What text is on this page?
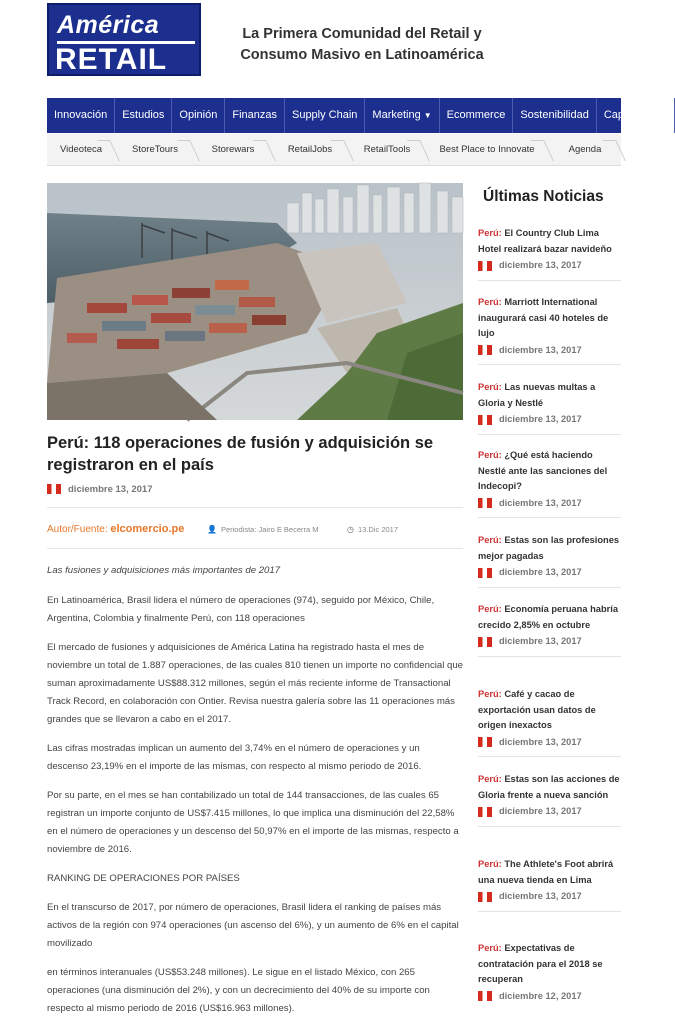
América
RETAIL
La Primera Comunidad del Retail y
Consumo Masivo en Latinoamérica
Innovación	Estudios	Opinión	Finanzas	Supply Chain	Marketing ▼	Ecommerce	Sostenibilidad	Capacitación
Videoteca	StoreTours	Storewars	RetailJobs	RetailTools	Best Place to Innovate	Agenda
Perú: 118 operaciones de fusión y adquisición se registraron en el país
diciembre 13, 2017
Autor/Fuente: elcomercio.pe	👤 Periodista: Jairo E Becerra M	◷ 13.Dic 2017

Las fusiones y adquisiciones más importantes de 2017

En Latinoamérica, Brasil lidera el número de operaciones (974), seguido por México, Chile, Argentina, Colombia y finalmente Perú, con 118 operaciones

El mercado de fusiones y adquisiciones de América Latina ha registrado hasta el mes de noviembre un total de 1.887 operaciones, de las cuales 810 tienen un importe no confidencial que suman aproximadamente US$88.312 millones, según el más reciente informe de Transactional Track Record, en colaboración con Ontier. Revisa nuestra galería sobre las 11 operaciones más grandes que se llevaron a cabo en el 2017.

Las cifras mostradas implican un aumento del 3,74% en el número de operaciones y un descenso 23,19% en el importe de las mismas, con respecto al mismo periodo de 2016.

Por su parte, en el mes se han contabilizado un total de 144 transacciones, de las cuales 65 registran un importe conjunto de US$7.415 millones, lo que implica una disminución del 22,58% en el número de operaciones y un descenso del 50,97% en el importe de las mismas, respecto a noviembre de 2016.

RANKING DE OPERACIONES POR PAÍSES

En el transcurso de 2017, por número de operaciones, Brasil lidera el ranking de países más activos de la región con 974 operaciones (un ascenso del 6%), y un aumento de 6% en el capital movilizado

en términos interanuales (US$53.248 millones). Le sigue en el listado México, con 265 operaciones (una disminución del 2%), y con un decrecimiento del 40% de su importe con respecto al mismo periodo de 2016 (US$16.963 millones).

Últimas Noticias
Perú: El Country Club Lima Hotel realizará bazar navideño
diciembre 13, 2017
Perú: Marriott International inaugurará casi 40 hoteles de lujo
diciembre 13, 2017
Perú: Las nuevas multas a Gloria y Nestlé
diciembre 13, 2017
Perú: ¿Qué está haciendo Nestlé ante las sanciones del Indecopi?
diciembre 13, 2017
Perú: Estas son las profesiones mejor pagadas
diciembre 13, 2017
Perú: Economía peruana habría crecido 2,85% en octubre
diciembre 13, 2017
Perú: Café y cacao de exportación usan datos de origen inexactos
diciembre 13, 2017
Perú: Estas son las acciones de Gloria frente a nueva sanción
diciembre 13, 2017
Perú: The Athlete's Foot abrirá una nueva tienda en Lima
diciembre 13, 2017
Perú: Expectativas de contratación para el 2018 se recuperan
diciembre 12, 2017
